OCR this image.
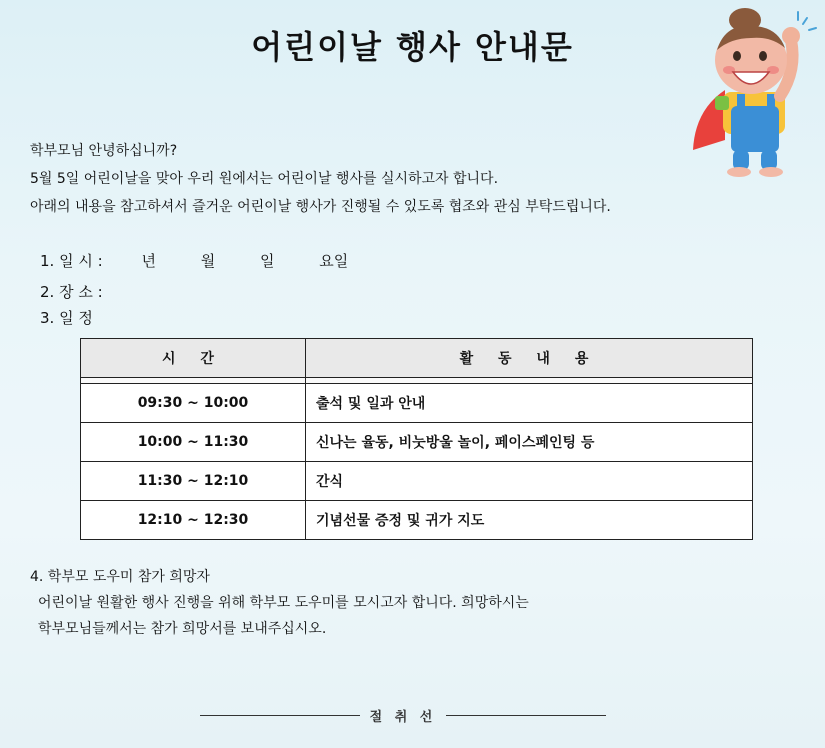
어린이날 행사 안내문
학부모님 안녕하십니까?
5월 5일 어린이날을 맞아 우리 원에서는 어린이날 행사를 실시하고자 합니다.
아래의 내용을 참고하셔서 즐거운 어린이날 행사가 진행될 수 있도록 협조와 관심 부탁드립니다.
1. 일 시 :	년	월	일	요일
2. 장 소 :
3. 일 정
시 간	활 동 내 용

09:30 ~ 10:00	출석 및 일과 안내
10:00 ~ 11:30	신나는 율동, 비눗방울 놀이, 페이스페인팅 등
11:30 ~ 12:10	간식
12:10 ~ 12:30	기념선물 증정 및 귀가 지도
4. 학부모 도우미 참가 희망자
어린이날 원활한 행사 진행을 위해 학부모 도우미를 모시고자 합니다. 희망하시는
학부모님들께서는 참가 희망서를 보내주십시오.
절 취 선
